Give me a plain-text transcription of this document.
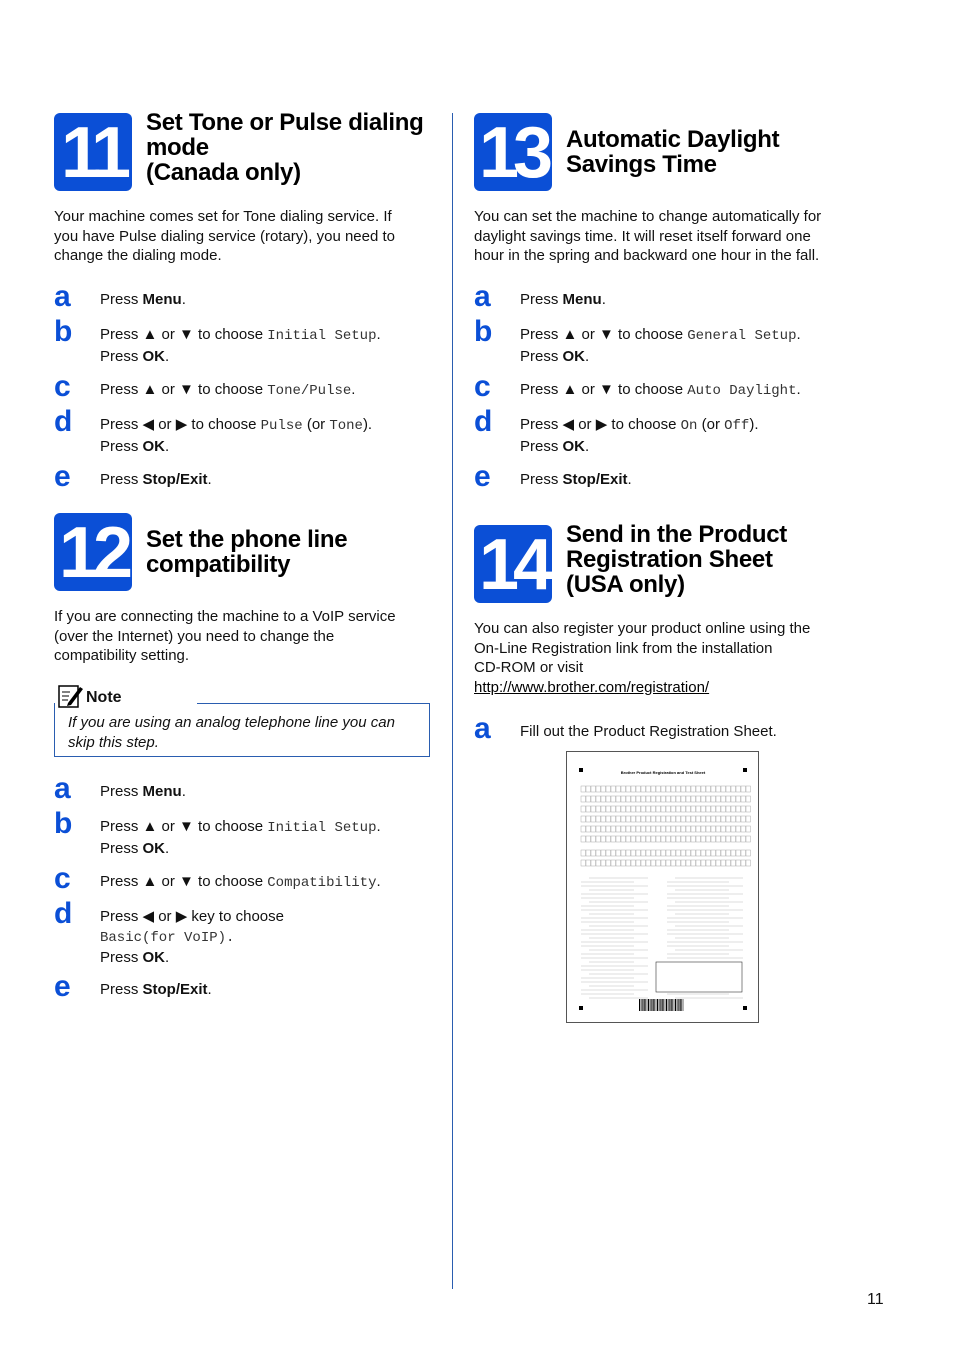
11 Set Tone or Pulse dialing
mode
(Canada only)
Your machine comes set for Tone dialing service. If
you have Pulse dialing service (rotary), you need to
change the dialing mode.
a Press Menu.
b Press ▲ or ▼ to choose Initial Setup.
Press OK.
c Press ▲ or ▼ to choose Tone/Pulse.
d Press ◀ or ▶ to choose Pulse (or Tone).
Press OK.
e Press Stop/Exit.
12 Set the phone line
compatibility
If you are connecting the machine to a VoIP service
(over the Internet) you need to change the
compatibility setting.
Note
If you are using an analog telephone line you can
skip this step.
a Press Menu.
b Press ▲ or ▼ to choose Initial Setup.
Press OK.
c Press ▲ or ▼ to choose Compatibility.
d Press ◀ or ▶ key to choose
Basic(for VoIP).
Press OK.
e Press Stop/Exit.
13 Automatic Daylight
Savings Time
You can set the machine to change automatically for
daylight savings time. It will reset itself forward one
hour in the spring and backward one hour in the fall.
a Press Menu.
b Press ▲ or ▼ to choose General Setup.
Press OK.
c Press ▲ or ▼ to choose Auto Daylight.
d Press ◀ or ▶ to choose On (or Off).
Press OK.
e Press Stop/Exit.
14 Send in the Product
Registration Sheet
(USA only)
You can also register your product online using the
On-Line Registration link from the installation
CD-ROM or visit
http://www.brother.com/registration/
a Fill out the Product Registration Sheet.
Brother Product Registration and Test Sheet
11
